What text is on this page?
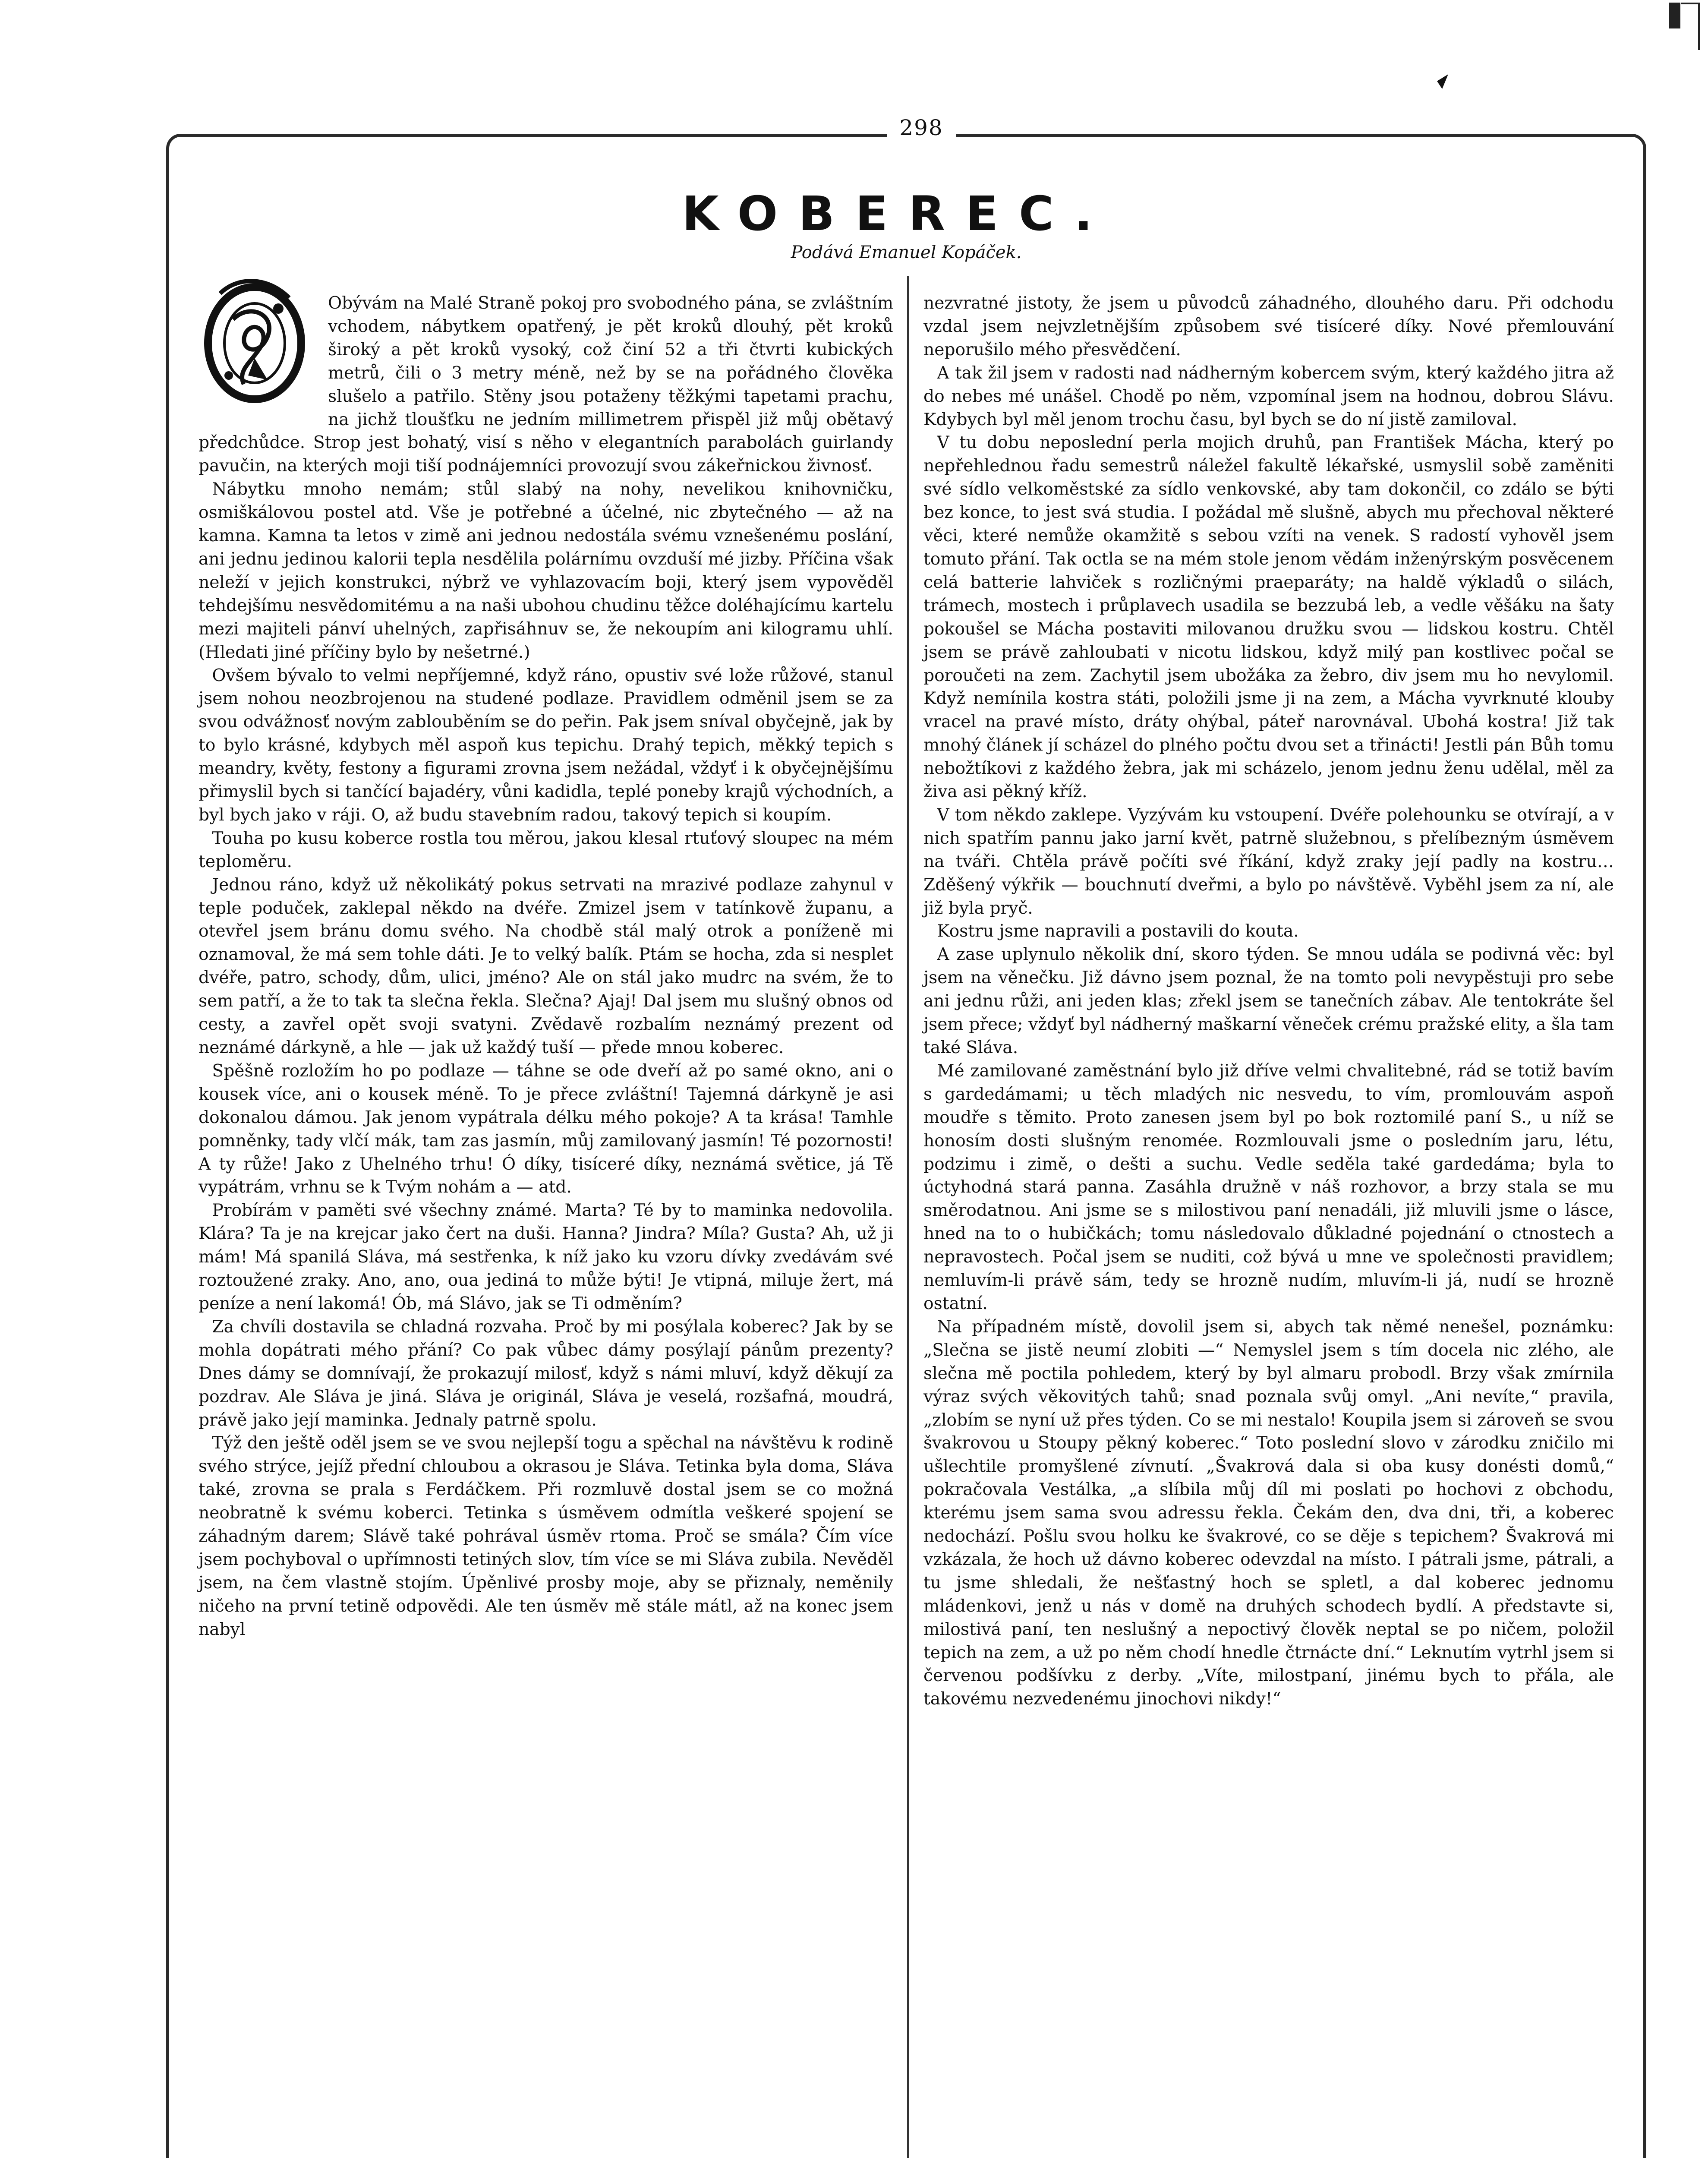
298
KOBEREC.
Podává Emanuel Kopáček.

Obývám na Malé Straně pokoj pro svobodného pána, se zvláštním vchodem, nábytkem opatřený, je pět kroků dlouhý, pět kroků široký a pět kroků vysoký, což činí 52 a tři čtvrti kubických metrů, čili o 3 metry méně, než by se na pořádného člověka slušelo a patřilo. Stěny jsou potaženy těžkými tapetami prachu, na jichž tloušťku ne jedním millimetrem přispěl již můj obětavý předchůdce. Strop jest bohatý, visí s něho v elegantních parabolách guirlandy pavučin, na kterých moji tiší podnájemníci provozují svou zákeřnickou živnosť.

Nábytku mnoho nemám; stůl slabý na nohy, nevelikou knihovničku, osmiškálovou postel atd. Vše je potřebné a účelné, nic zbytečného — až na kamna. Kamna ta letos v zimě ani jednou nedostála svému vznešenému poslání, ani jednu jedinou kalorii tepla nesdělila polárnímu ovzduší mé jizby. Příčina však neleží v jejich konstrukci, nýbrž ve vyhlazovacím boji, který jsem vypověděl tehdejšímu nesvědomitému a na naši ubohou chudinu těžce doléhajícímu kartelu mezi majiteli pánví uhelných, zapřisáhnuv se, že nekoupím ani kilogramu uhlí. (Hledati jiné příčiny bylo by nešetrné.)

Ovšem bývalo to velmi nepříjemné, když ráno, opustiv své lože růžové, stanul jsem nohou neozbrojenou na studené podlaze. Pravidlem odměnil jsem se za svou odvážnosť novým zablouběním se do peřin. Pak jsem sníval obyčejně, jak by to bylo krásné, kdybych měl aspoň kus tepichu. Drahý tepich, měkký tepich s meandry, květy, festony a figurami zrovna jsem nežádal, vždyť i k obyčejnějšímu přimyslil bych si tančící bajadéry, vůni kadidla, teplé poneby krajů východních, a byl bych jako v ráji. O, až budu stavebním radou, takový tepich si koupím.

Touha po kusu koberce rostla tou měrou, jakou klesal rtuťový sloupec na mém teploměru.

Jednou ráno, když už několikátý pokus setrvati na mrazivé podlaze zahynul v teple poduček, zaklepal někdo na dvéře. Zmizel jsem v tatínkově županu, a otevřel jsem bránu domu svého. Na chodbě stál malý otrok a poníženě mi oznamoval, že má sem tohle dáti. Je to velký balík. Ptám se hocha, zda si nesplet dvéře, patro, schody, dům, ulici, jméno? Ale on stál jako mudrc na svém, že to sem patří, a že to tak ta slečna řekla. Slečna? Ajaj! Dal jsem mu slušný obnos od cesty, a zavřel opět svoji svatyni. Zvědavě rozbalím neznámý prezent od neznámé dárkyně, a hle — jak už každý tuší — přede mnou koberec.

Spěšně rozložím ho po podlaze — táhne se ode dveří až po samé okno, ani o kousek více, ani o kousek méně. To je přece zvláštní! Tajemná dárkyně je asi dokonalou dámou. Jak jenom vypátrala délku mého pokoje? A ta krása! Tamhle pomněnky, tady vlčí mák, tam zas jasmín, můj zamilovaný jasmín! Té pozornosti! A ty růže! Jako z Uhelného trhu! Ó díky, tisíceré díky, neznámá světice, já Tě vypátrám, vrhnu se k Tvým nohám a — atd.

Probírám v paměti své všechny známé. Marta? Té by to maminka nedovolila. Klára? Ta je na krejcar jako čert na duši. Hanna? Jindra? Míla? Gusta? Ah, už ji mám! Má spanilá Sláva, má sestřenka, k níž jako ku vzoru dívky zvedávám své roztoužené zraky. Ano, ano, oua jediná to může býti! Je vtipná, miluje žert, má peníze a není lakomá! Ób, má Slávo, jak se Ti odměním?

Za chvíli dostavila se chladná rozvaha. Proč by mi posýlala koberec? Jak by se mohla dopátrati mého přání? Co pak vůbec dámy posýlají pánům prezenty? Dnes dámy se domnívají, že prokazují milosť, když s námi mluví, když děkují za pozdrav. Ale Sláva je jiná. Sláva je originál, Sláva je veselá, rozšafná, moudrá, právě jako její maminka. Jednaly patrně spolu.

Týž den ještě oděl jsem se ve svou nejlepší togu a spěchal na návštěvu k rodině svého strýce, jejíž přední chloubou a okrasou je Sláva. Tetinka byla doma, Sláva také, zrovna se prala s Ferdáčkem. Při rozmluvě dostal jsem se co možná neobratně k svému koberci. Tetinka s úsměvem odmítla veškeré spojení se záhadným darem; Slávě také pohrával úsměv rtoma. Proč se smála? Čím více jsem pochyboval o upřímnosti tetiných slov, tím více se mi Sláva zubila. Nevěděl jsem, na čem vlastně stojím. Úpěnlivé prosby moje, aby se přiznaly, neměnily ničeho na první tetině odpovědi. Ale ten úsměv mě stále mátl, až na konec jsem nabyl

nezvratné jistoty, že jsem u původců záhadného, dlouhého daru. Při odchodu vzdal jsem nejvzletnějším způsobem své tisíceré díky. Nové přemlouvání neporušilo mého přesvědčení.

A tak žil jsem v radosti nad nádherným kobercem svým, který každého jitra až do nebes mé unášel. Chodě po něm, vzpomínal jsem na hodnou, dobrou Slávu. Kdybych byl měl jenom trochu času, byl bych se do ní jistě zamiloval.

V tu dobu neposlední perla mojich druhů, pan František Mácha, který po nepřehlednou řadu semestrů náležel fakultě lékařské, usmyslil sobě zaměniti své sídlo velkoměstské za sídlo venkovské, aby tam dokončil, co zdálo se býti bez konce, to jest svá studia. I požádal mě slušně, abych mu přechoval některé věci, které nemůže okamžitě s sebou vzíti na venek. S radostí vyhověl jsem tomuto přání. Tak octla se na mém stole jenom vědám inženýrským posvěcenem celá batterie lahviček s rozličnými praeparáty; na haldě výkladů o silách, trámech, mostech i průplavech usadila se bezzubá leb, a vedle věšáku na šaty pokoušel se Mácha postaviti milovanou družku svou — lidskou kostru. Chtěl jsem se právě zahloubati v nicotu lidskou, když milý pan kostlivec počal se poroučeti na zem. Zachytil jsem ubožáka za žebro, div jsem mu ho nevylomil. Když nemínila kostra státi, položili jsme ji na zem, a Mácha vyvrknuté klouby vracel na pravé místo, dráty ohýbal, páteř narovnával. Ubohá kostra! Již tak mnohý článek jí scházel do plného počtu dvou set a třinácti! Jestli pán Bůh tomu nebožtíkovi z každého žebra, jak mi scházelo, jenom jednu ženu udělal, měl za živa asi pěkný kříž.

V tom někdo zaklepe. Vyzývám ku vstoupení. Dvéře polehounku se otvírají, a v nich spatřím pannu jako jarní květ, patrně služebnou, s přelíbezným úsměvem na tváři. Chtěla právě počíti své říkání, když zraky její padly na kostru… Zděšený výkřik — bouchnutí dveřmi, a bylo po návštěvě. Vyběhl jsem za ní, ale již byla pryč.

Kostru jsme napravili a postavili do kouta.

A zase uplynulo několik dní, skoro týden. Se mnou udála se podivná věc: byl jsem na věnečku. Již dávno jsem poznal, že na tomto poli nevypěstuji pro sebe ani jednu růži, ani jeden klas; zřekl jsem se tanečních zábav. Ale tentokráte šel jsem přece; vždyť byl nádherný maškarní věneček crému pražské elity, a šla tam také Sláva.

Mé zamilované zaměstnání bylo již dříve velmi chvalitebné, rád se totiž bavím s gardedámami; u těch mladých nic nesvedu, to vím, promlouvám aspoň moudře s těmito. Proto zanesen jsem byl po bok roztomilé paní S., u níž se honosím dosti slušným renomée. Rozmlouvali jsme o posledním jaru, létu, podzimu i zimě, o dešti a suchu. Vedle seděla také gardedáma; byla to úctyhodná stará panna. Zasáhla družně v náš rozhovor, a brzy stala se mu směrodatnou. Ani jsme se s milostivou paní nenadáli, již mluvili jsme o lásce, hned na to o hubičkách; tomu následovalo důkladné pojednání o ctnostech a nepravostech. Počal jsem se nuditi, což bývá u mne ve společnosti pravidlem; nemluvím-li právě sám, tedy se hrozně nudím, mluvím-li já, nudí se hrozně ostatní.

Na případném místě, dovolil jsem si, abych tak němé nenešel, poznámku: „Slečna se jistě neumí zlobiti —“ Nemyslel jsem s tím docela nic zlého, ale slečna mě poctila pohledem, který by byl almaru probodl. Brzy však zmírnila výraz svých věkovitých tahů; snad poznala svůj omyl. „Ani nevíte,“ pravila, „zlobím se nyní už přes týden. Co se mi nestalo! Koupila jsem si zároveň se svou švakrovou u Stoupy pěkný koberec.“ Toto poslední slovo v zárodku zničilo mi ušlechtile promyšlené zívnutí. „Švakrová dala si oba kusy donésti domů,“ pokračovala Vestálka, „a slíbila můj díl mi poslati po hochovi z obchodu, kterému jsem sama svou adressu řekla. Čekám den, dva dni, tři, a koberec nedochází. Pošlu svou holku ke švakrové, co se děje s tepichem? Švakrová mi vzkázala, že hoch už dávno koberec odevzdal na místo. I pátrali jsme, pátrali, a tu jsme shledali, že nešťastný hoch se spletl, a dal koberec jednomu mládenkovi, jenž u nás v domě na druhých schodech bydlí. A představte si, milostivá paní, ten neslušný a nepoctivý člověk neptal se po ničem, položil tepich na zem, a už po něm chodí hnedle čtrnácte dní.“ Leknutím vytrhl jsem si červenou podšívku z derby. „Víte, milostpaní, jinému bych to přála, ale takovému nezvedenému jinochovi nikdy!“
